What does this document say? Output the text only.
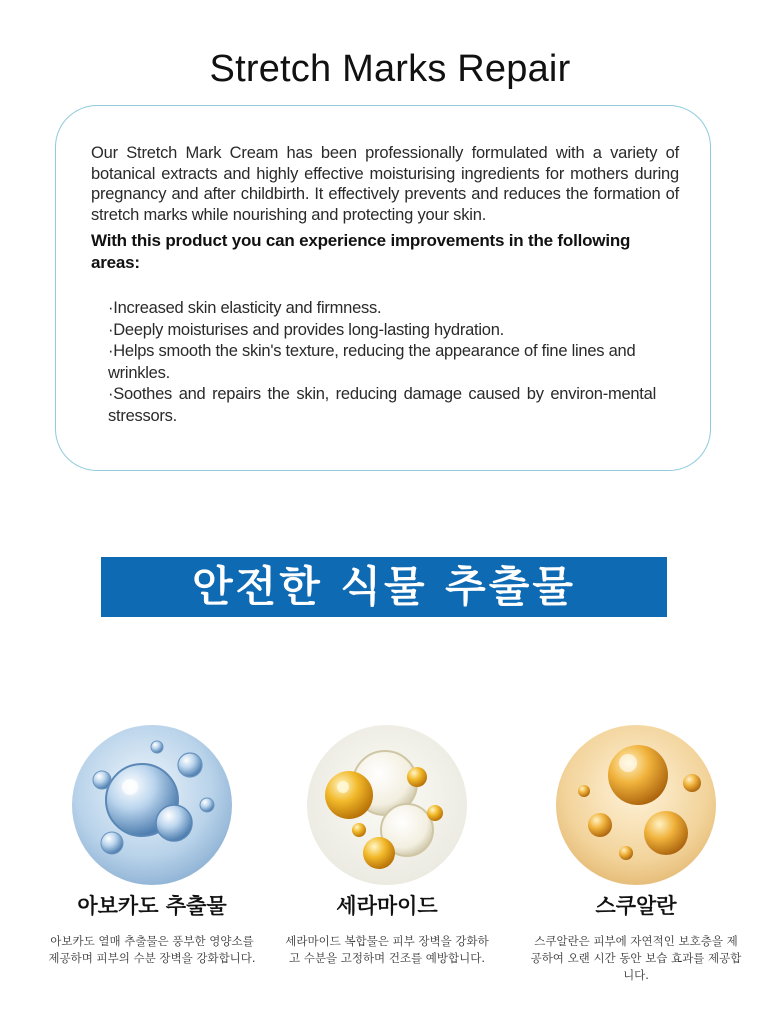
Stretch Marks Repair

Our Stretch Mark Cream has been professionally formulated with a variety of botanical extracts and highly effective moisturising ingredients for mothers during pregnancy and after childbirth. It effectively prevents and reduces the formation of stretch marks while nourishing and protecting your skin.

With this product you can experience improvements in the following areas:

·Increased skin elasticity and firmness.
·Deeply moisturises and provides long-lasting hydration.
·Helps smooth the skin's texture, reducing the appearance of fine lines and wrinkles.
·Soothes and repairs the skin, reducing damage caused by environ-mental stressors.
안전한 식물 추출물
아보카도 추출물
아보카도 열매 추출물은 풍부한 영양소를 제공하며 피부의 수분 장벽을 강화합니다.
세라마이드
세라마이드 복합물은 피부 장벽을 강화하고 수분을 고정하며 건조를 예방합니다.
스쿠알란
스쿠알란은 피부에 자연적인 보호층을 제공하여 오랜 시간 동안 보습 효과를 제공합니다.
